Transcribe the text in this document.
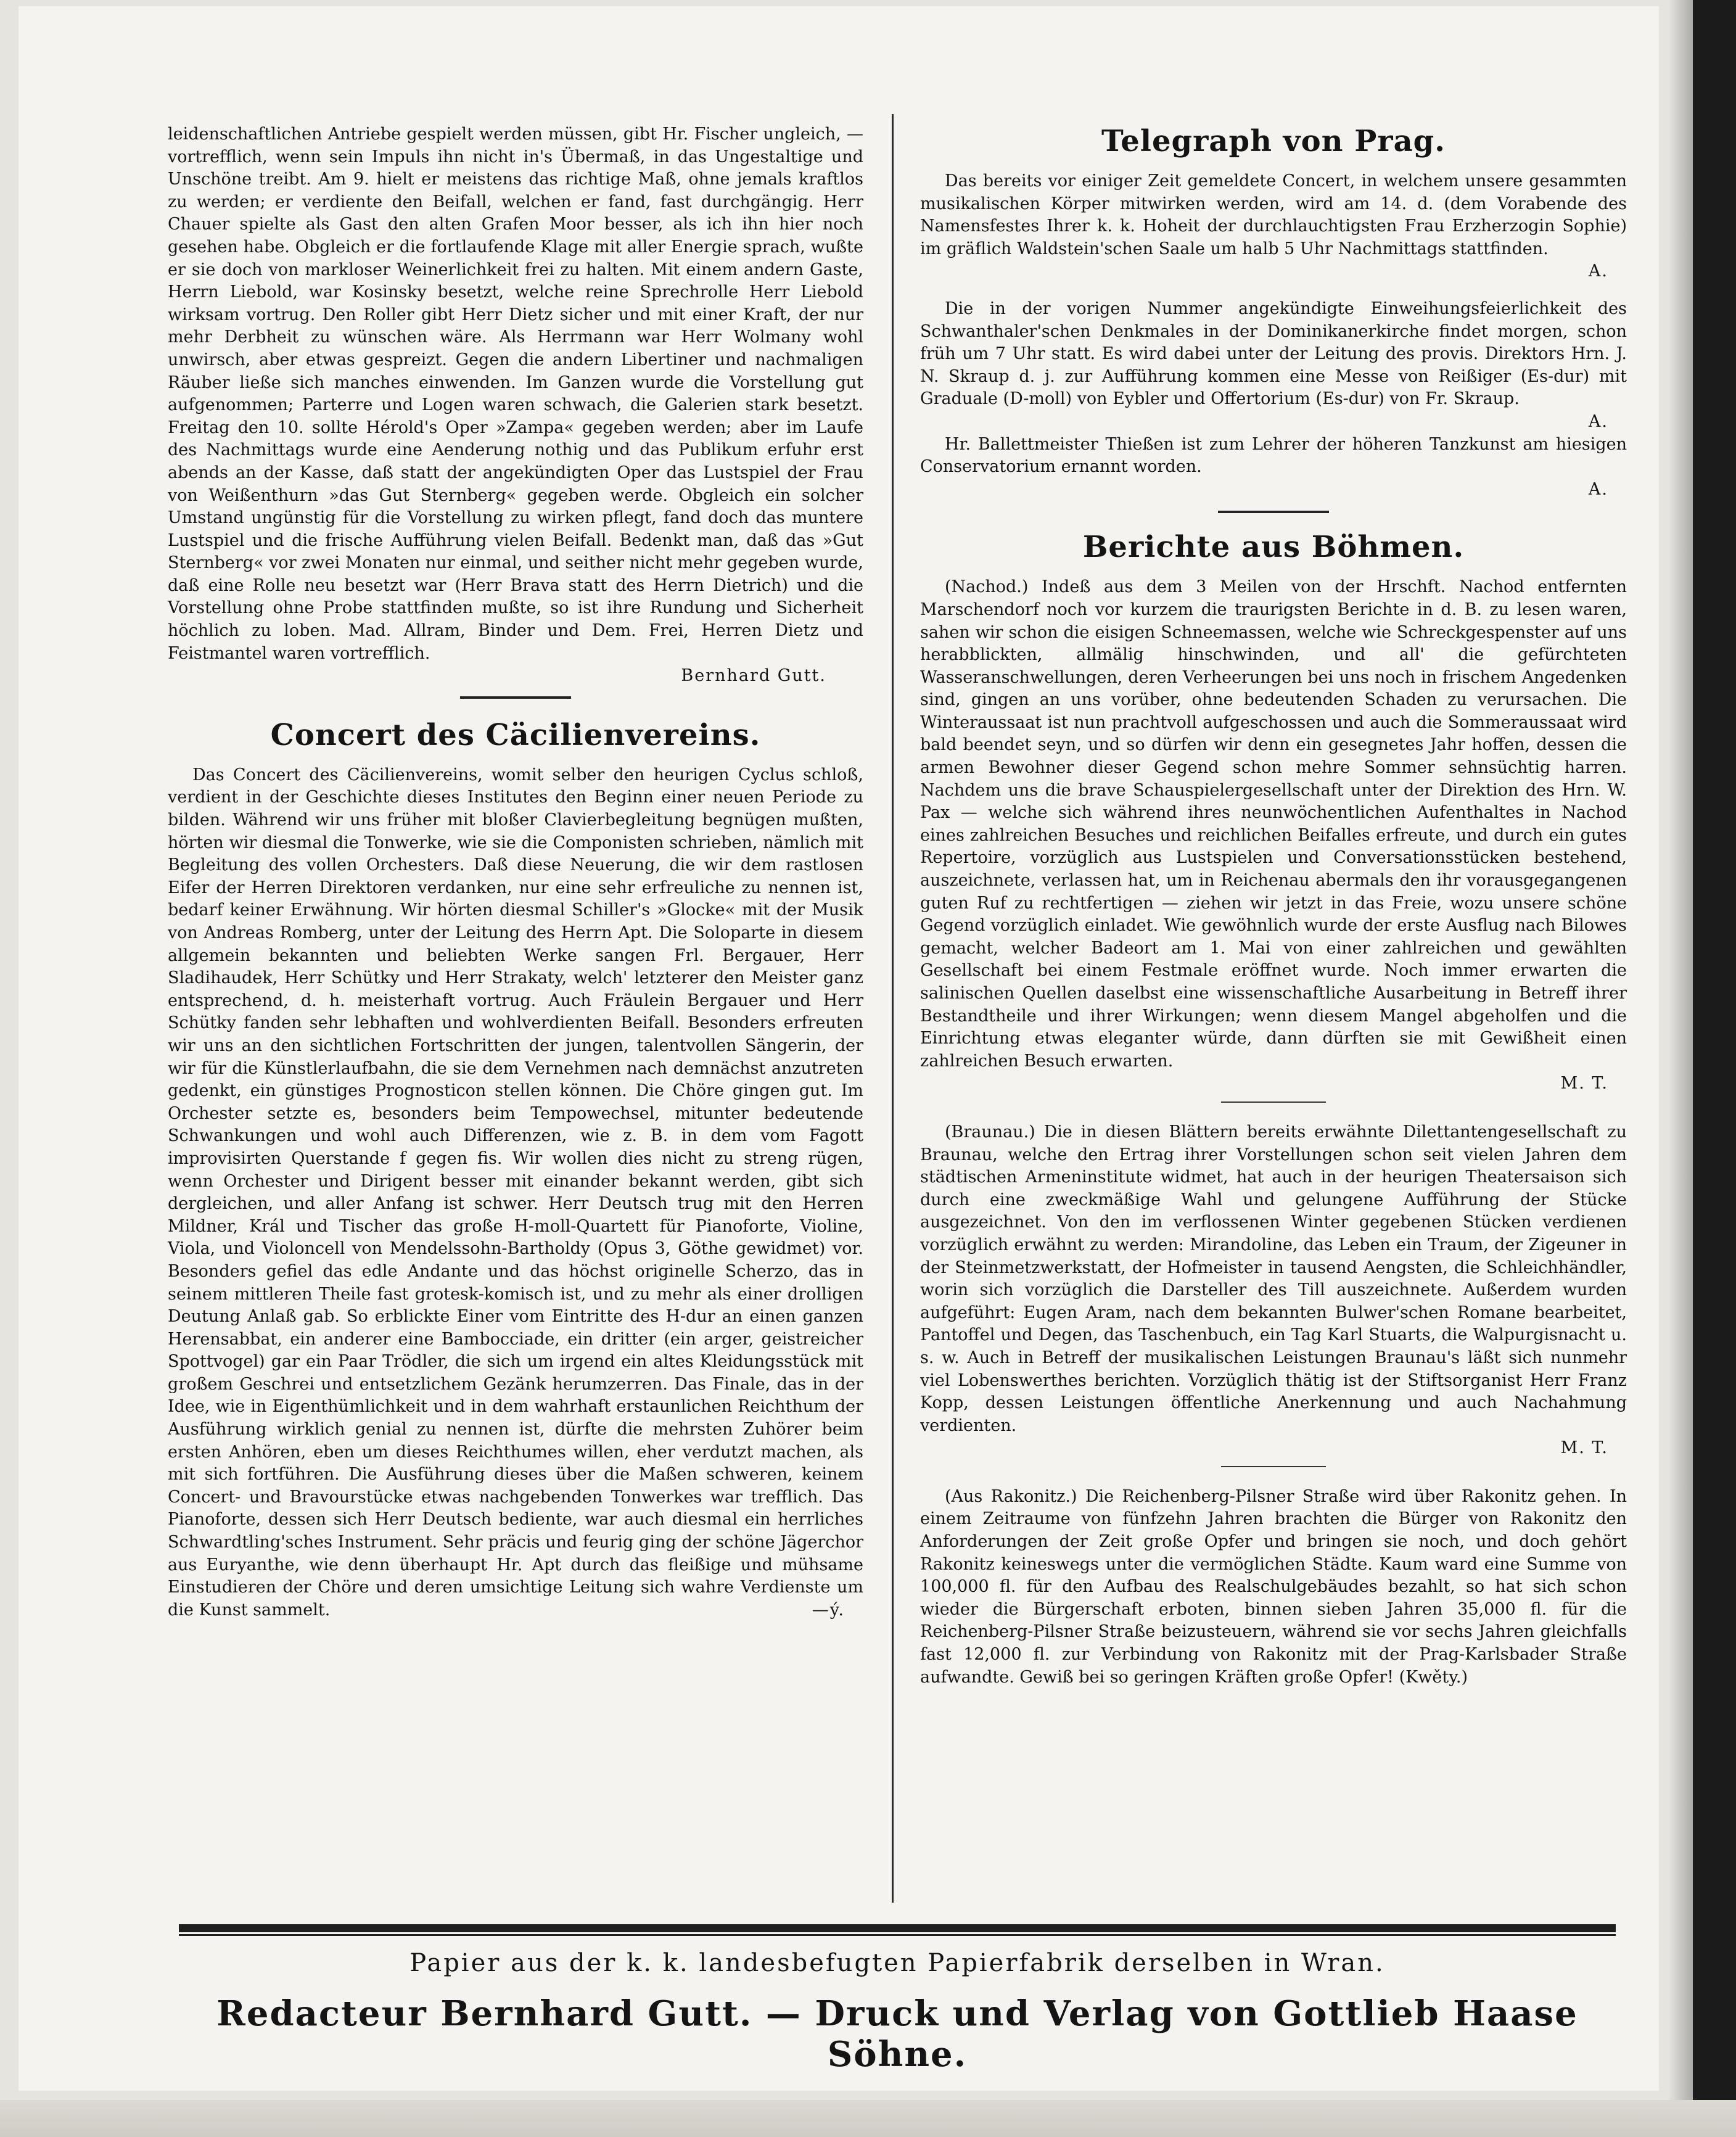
leidenschaftlichen Antriebe gespielt werden müssen, gibt Hr. Fischer ungleich, — vortrefflich, wenn sein Impuls ihn nicht in's Übermaß, in das Ungestaltige und Unschöne treibt. Am 9. hielt er meistens das richtige Maß, ohne jemals kraftlos zu werden; er verdiente den Beifall, welchen er fand, fast durchgängig. Herr Chauer spielte als Gast den alten Grafen Moor besser, als ich ihn hier noch gesehen habe. Obgleich er die fortlaufende Klage mit aller Energie sprach, wußte er sie doch von markloser Weinerlichkeit frei zu halten. Mit einem andern Gaste, Herrn Liebold, war Kosinsky besetzt, welche reine Sprechrolle Herr Liebold wirksam vortrug. Den Roller gibt Herr Dietz sicher und mit einer Kraft, der nur mehr Derbheit zu wünschen wäre. Als Herrmann war Herr Wolmany wohl unwirsch, aber etwas gespreizt. Gegen die andern Libertiner und nachmaligen Räuber ließe sich manches einwenden. Im Ganzen wurde die Vorstellung gut aufgenommen; Parterre und Logen waren schwach, die Galerien stark besetzt. Freitag den 10. sollte Hérold's Oper »Zampa« gegeben werden; aber im Laufe des Nachmittags wurde eine Aenderung nothig und das Publikum erfuhr erst abends an der Kasse, daß statt der angekündigten Oper das Lustspiel der Frau von Weißenthurn »das Gut Sternberg« gegeben werde. Obgleich ein solcher Umstand ungünstig für die Vorstellung zu wirken pflegt, fand doch das muntere Lustspiel und die frische Aufführung vielen Beifall. Bedenkt man, daß das »Gut Sternberg« vor zwei Monaten nur einmal, und seither nicht mehr gegeben wurde, daß eine Rolle neu besetzt war (Herr Brava statt des Herrn Dietrich) und die Vorstellung ohne Probe stattfinden mußte, so ist ihre Rundung und Sicherheit höchlich zu loben. Mad. Allram, Binder und Dem. Frei, Herren Dietz und Feistmantel waren vortrefflich.

Bernhard Gutt.
Concert des Cäcilienvereins.

Das Concert des Cäcilienvereins, womit selber den heurigen Cyclus schloß, verdient in der Geschichte dieses Institutes den Beginn einer neuen Periode zu bilden. Während wir uns früher mit bloßer Clavierbegleitung begnügen mußten, hörten wir diesmal die Tonwerke, wie sie die Componisten schrieben, nämlich mit Begleitung des vollen Orchesters. Daß diese Neuerung, die wir dem rastlosen Eifer der Herren Direktoren verdanken, nur eine sehr erfreuliche zu nennen ist, bedarf keiner Erwähnung. Wir hörten diesmal Schiller's »Glocke« mit der Musik von Andreas Romberg, unter der Leitung des Herrn Apt. Die Soloparte in diesem allgemein bekannten und beliebten Werke sangen Frl. Bergauer, Herr Sladihaudek, Herr Schütky und Herr Strakaty, welch' letzterer den Meister ganz entsprechend, d. h. meisterhaft vortrug. Auch Fräulein Bergauer und Herr Schütky fanden sehr lebhaften und wohlverdienten Beifall. Besonders erfreuten wir uns an den sichtlichen Fortschritten der jungen, talentvollen Sängerin, der wir für die Künstlerlaufbahn, die sie dem Vernehmen nach demnächst anzutreten gedenkt, ein günstiges Prognosticon stellen können. Die Chöre gingen gut. Im Orchester setzte es, besonders beim Tempowechsel, mitunter bedeutende Schwankungen und wohl auch Differenzen, wie z. B. in dem vom Fagott improvisirten Querstande f gegen fis. Wir wollen dies nicht zu streng rügen, wenn Orchester und Dirigent besser mit einander bekannt werden, gibt sich dergleichen, und aller Anfang ist schwer. Herr Deutsch trug mit den Herren Mildner, Král und Tischer das große H-moll-Quartett für Pianoforte, Violine, Viola, und Violoncell von Mendelssohn-Bartholdy (Opus 3, Göthe gewidmet) vor. Besonders gefiel das edle Andante und das höchst originelle Scherzo, das in seinem mittleren Theile fast grotesk-komisch ist, und zu mehr als einer drolligen Deutung Anlaß gab. So erblickte Einer vom Eintritte des H-dur an einen ganzen Herensabbat, ein anderer eine Bambocciade, ein dritter (ein arger, geistreicher Spottvogel) gar ein Paar Trödler, die sich um irgend ein altes Kleidungsstück mit großem Geschrei und entsetzlichem Gezänk herumzerren. Das Finale, das in der Idee, wie in Eigenthümlichkeit und in dem wahrhaft erstaunlichen Reichthum der Ausführung wirklich genial zu nennen ist, dürfte die mehrsten Zuhörer beim ersten Anhören, eben um dieses Reichthumes willen, eher verdutzt machen, als mit sich fortführen. Die Ausführung dieses über die Maßen schweren, keinem Concert- und Bravourstücke etwas nachgebenden Tonwerkes war trefflich. Das Pianoforte, dessen sich Herr Deutsch bediente, war auch diesmal ein herrliches Schwardtling'sches Instrument. Sehr präcis und feurig ging der schöne Jägerchor aus Euryanthe, wie denn überhaupt Hr. Apt durch das fleißige und mühsame Einstudieren der Chöre und deren umsichtige Leitung sich wahre Verdienste um die Kunst sammelt.	—ý.
Telegraph von Prag.

Das bereits vor einiger Zeit gemeldete Concert, in welchem unsere gesammten musikalischen Körper mitwirken werden, wird am 14. d. (dem Vorabende des Namensfestes Ihrer k. k. Hoheit der durchlauchtigsten Frau Erzherzogin Sophie) im gräflich Waldstein'schen Saale um halb 5 Uhr Nachmittags stattfinden.

A.

Die in der vorigen Nummer angekündigte Einweihungsfeierlichkeit des Schwanthaler'schen Denkmales in der Dominikanerkirche findet morgen, schon früh um 7 Uhr statt. Es wird dabei unter der Leitung des provis. Direktors Hrn. J. N. Skraup d. j. zur Aufführung kommen eine Messe von Reißiger (Es-dur) mit Graduale (D-moll) von Eybler und Offertorium (Es-dur) von Fr. Skraup.

A.

Hr. Ballettmeister Thießen ist zum Lehrer der höheren Tanzkunst am hiesigen Conservatorium ernannt worden.

A.
Berichte aus Böhmen.

(Nachod.) Indeß aus dem 3 Meilen von der Hrschft. Nachod entfernten Marschendorf noch vor kurzem die traurigsten Berichte in d. B. zu lesen waren, sahen wir schon die eisigen Schneemassen, welche wie Schreckgespenster auf uns herabblickten, allmälig hinschwinden, und all' die gefürchteten Wasseranschwellungen, deren Verheerungen bei uns noch in frischem Angedenken sind, gingen an uns vorüber, ohne bedeutenden Schaden zu verursachen. Die Winteraussaat ist nun prachtvoll aufgeschossen und auch die Sommeraussaat wird bald beendet seyn, und so dürfen wir denn ein gesegnetes Jahr hoffen, dessen die armen Bewohner dieser Gegend schon mehre Sommer sehnsüchtig harren. Nachdem uns die brave Schauspielergesellschaft unter der Direktion des Hrn. W. Pax — welche sich während ihres neunwöchentlichen Aufenthaltes in Nachod eines zahlreichen Besuches und reichlichen Beifalles erfreute, und durch ein gutes Repertoire, vorzüglich aus Lustspielen und Conversationsstücken bestehend, auszeichnete, verlassen hat, um in Reichenau abermals den ihr vorausgegangenen guten Ruf zu rechtfertigen — ziehen wir jetzt in das Freie, wozu unsere schöne Gegend vorzüglich einladet. Wie gewöhnlich wurde der erste Ausflug nach Bilowes gemacht, welcher Badeort am 1. Mai von einer zahlreichen und gewählten Gesellschaft bei einem Festmale eröffnet wurde. Noch immer erwarten die salinischen Quellen daselbst eine wissenschaftliche Ausarbeitung in Betreff ihrer Bestandtheile und ihrer Wirkungen; wenn diesem Mangel abgeholfen und die Einrichtung etwas eleganter würde, dann dürften sie mit Gewißheit einen zahlreichen Besuch erwarten.

M. T.

(Braunau.) Die in diesen Blättern bereits erwähnte Dilettantengesellschaft zu Braunau, welche den Ertrag ihrer Vorstellungen schon seit vielen Jahren dem städtischen Armeninstitute widmet, hat auch in der heurigen Theatersaison sich durch eine zweckmäßige Wahl und gelungene Aufführung der Stücke ausgezeichnet. Von den im verflossenen Winter gegebenen Stücken verdienen vorzüglich erwähnt zu werden: Mirandoline, das Leben ein Traum, der Zigeuner in der Steinmetzwerkstatt, der Hofmeister in tausend Aengsten, die Schleichhändler, worin sich vorzüglich die Darsteller des Till auszeichnete. Außerdem wurden aufgeführt: Eugen Aram, nach dem bekannten Bulwer'schen Romane bearbeitet, Pantoffel und Degen, das Taschenbuch, ein Tag Karl Stuarts, die Walpurgisnacht u. s. w. Auch in Betreff der musikalischen Leistungen Braunau's läßt sich nunmehr viel Lobenswerthes berichten. Vorzüglich thätig ist der Stiftsorganist Herr Franz Kopp, dessen Leistungen öffentliche Anerkennung und auch Nachahmung verdienten.

M. T.

(Aus Rakonitz.) Die Reichenberg-Pilsner Straße wird über Rakonitz gehen. In einem Zeitraume von fünfzehn Jahren brachten die Bürger von Rakonitz den Anforderungen der Zeit große Opfer und bringen sie noch, und doch gehört Rakonitz keineswegs unter die vermöglichen Städte. Kaum ward eine Summe von 100,000 fl. für den Aufbau des Realschulgebäudes bezahlt, so hat sich schon wieder die Bürgerschaft erboten, binnen sieben Jahren 35,000 fl. für die Reichenberg-Pilsner Straße beizusteuern, während sie vor sechs Jahren gleichfalls fast 12,000 fl. zur Verbindung von Rakonitz mit der Prag-Karlsbader Straße aufwandte. Gewiß bei so geringen Kräften große Opfer! (Kwěty.)

Papier aus der k. k. landesbefugten Papierfabrik derselben in Wran.
Redacteur Bernhard Gutt. — Druck und Verlag von Gottlieb Haase Söhne.
